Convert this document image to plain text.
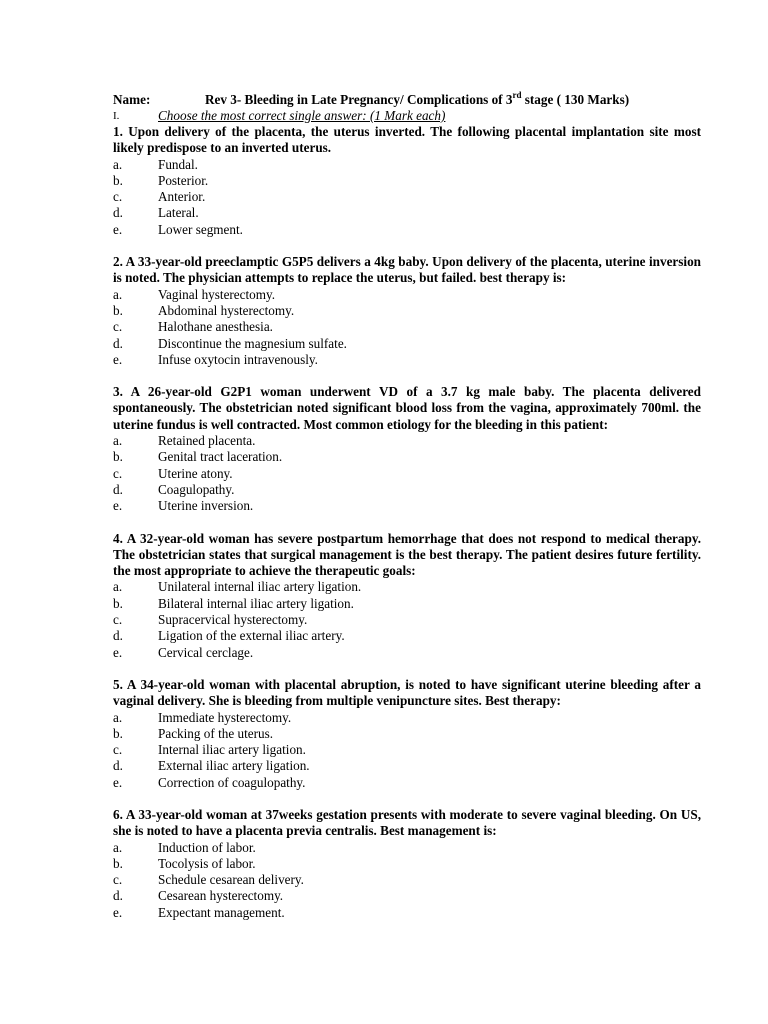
Name:	Rev 3- Bleeding in Late Pregnancy/ Complications of 3rd stage ( 130 Marks)
I.	Choose the most correct single answer: (1 Mark each)
1. Upon delivery of the placenta, the uterus inverted. The following placental implantation site most likely predispose to an inverted uterus.
a.	Fundal.
b.	Posterior.
c.	Anterior.
d.	Lateral.
e.	Lower segment.
2. A 33-year-old preeclamptic G5P5 delivers a 4kg baby. Upon delivery of the placenta, uterine inversion is noted. The physician attempts to replace the uterus, but failed. best therapy is:
a.	Vaginal hysterectomy.
b.	Abdominal hysterectomy.
c.	Halothane anesthesia.
d.	Discontinue the magnesium sulfate.
e.	Infuse oxytocin intravenously.
3. A 26-year-old G2P1 woman underwent VD of a 3.7 kg male baby. The placenta delivered spontaneously. The obstetrician noted significant blood loss from the vagina, approximately 700ml. the uterine fundus is well contracted. Most common etiology for the bleeding in this patient:
a.	Retained placenta.
b.	Genital tract laceration.
c.	Uterine atony.
d.	Coagulopathy.
e.	Uterine inversion.
4. A 32-year-old woman has severe postpartum hemorrhage that does not respond to medical therapy. The obstetrician states that surgical management is the best therapy. The patient desires future fertility. the most appropriate to achieve the therapeutic goals:
a.	Unilateral internal iliac artery ligation.
b.	Bilateral internal iliac artery ligation.
c.	Supracervical hysterectomy.
d.	Ligation of the external iliac artery.
e.	Cervical cerclage.
5. A 34-year-old woman with placental abruption, is noted to have significant uterine bleeding after a vaginal delivery. She is bleeding from multiple venipuncture sites. Best therapy:
a.	Immediate hysterectomy.
b.	Packing of the uterus.
c.	Internal iliac artery ligation.
d.	External iliac artery ligation.
e.	Correction of coagulopathy.
6. A 33-year-old woman at 37weeks gestation presents with moderate to severe vaginal bleeding. On US, she is noted to have a placenta previa centralis. Best management is:
a.	Induction of labor.
b.	Tocolysis of labor.
c.	Schedule cesarean delivery.
d.	Cesarean hysterectomy.
e.	Expectant management.
